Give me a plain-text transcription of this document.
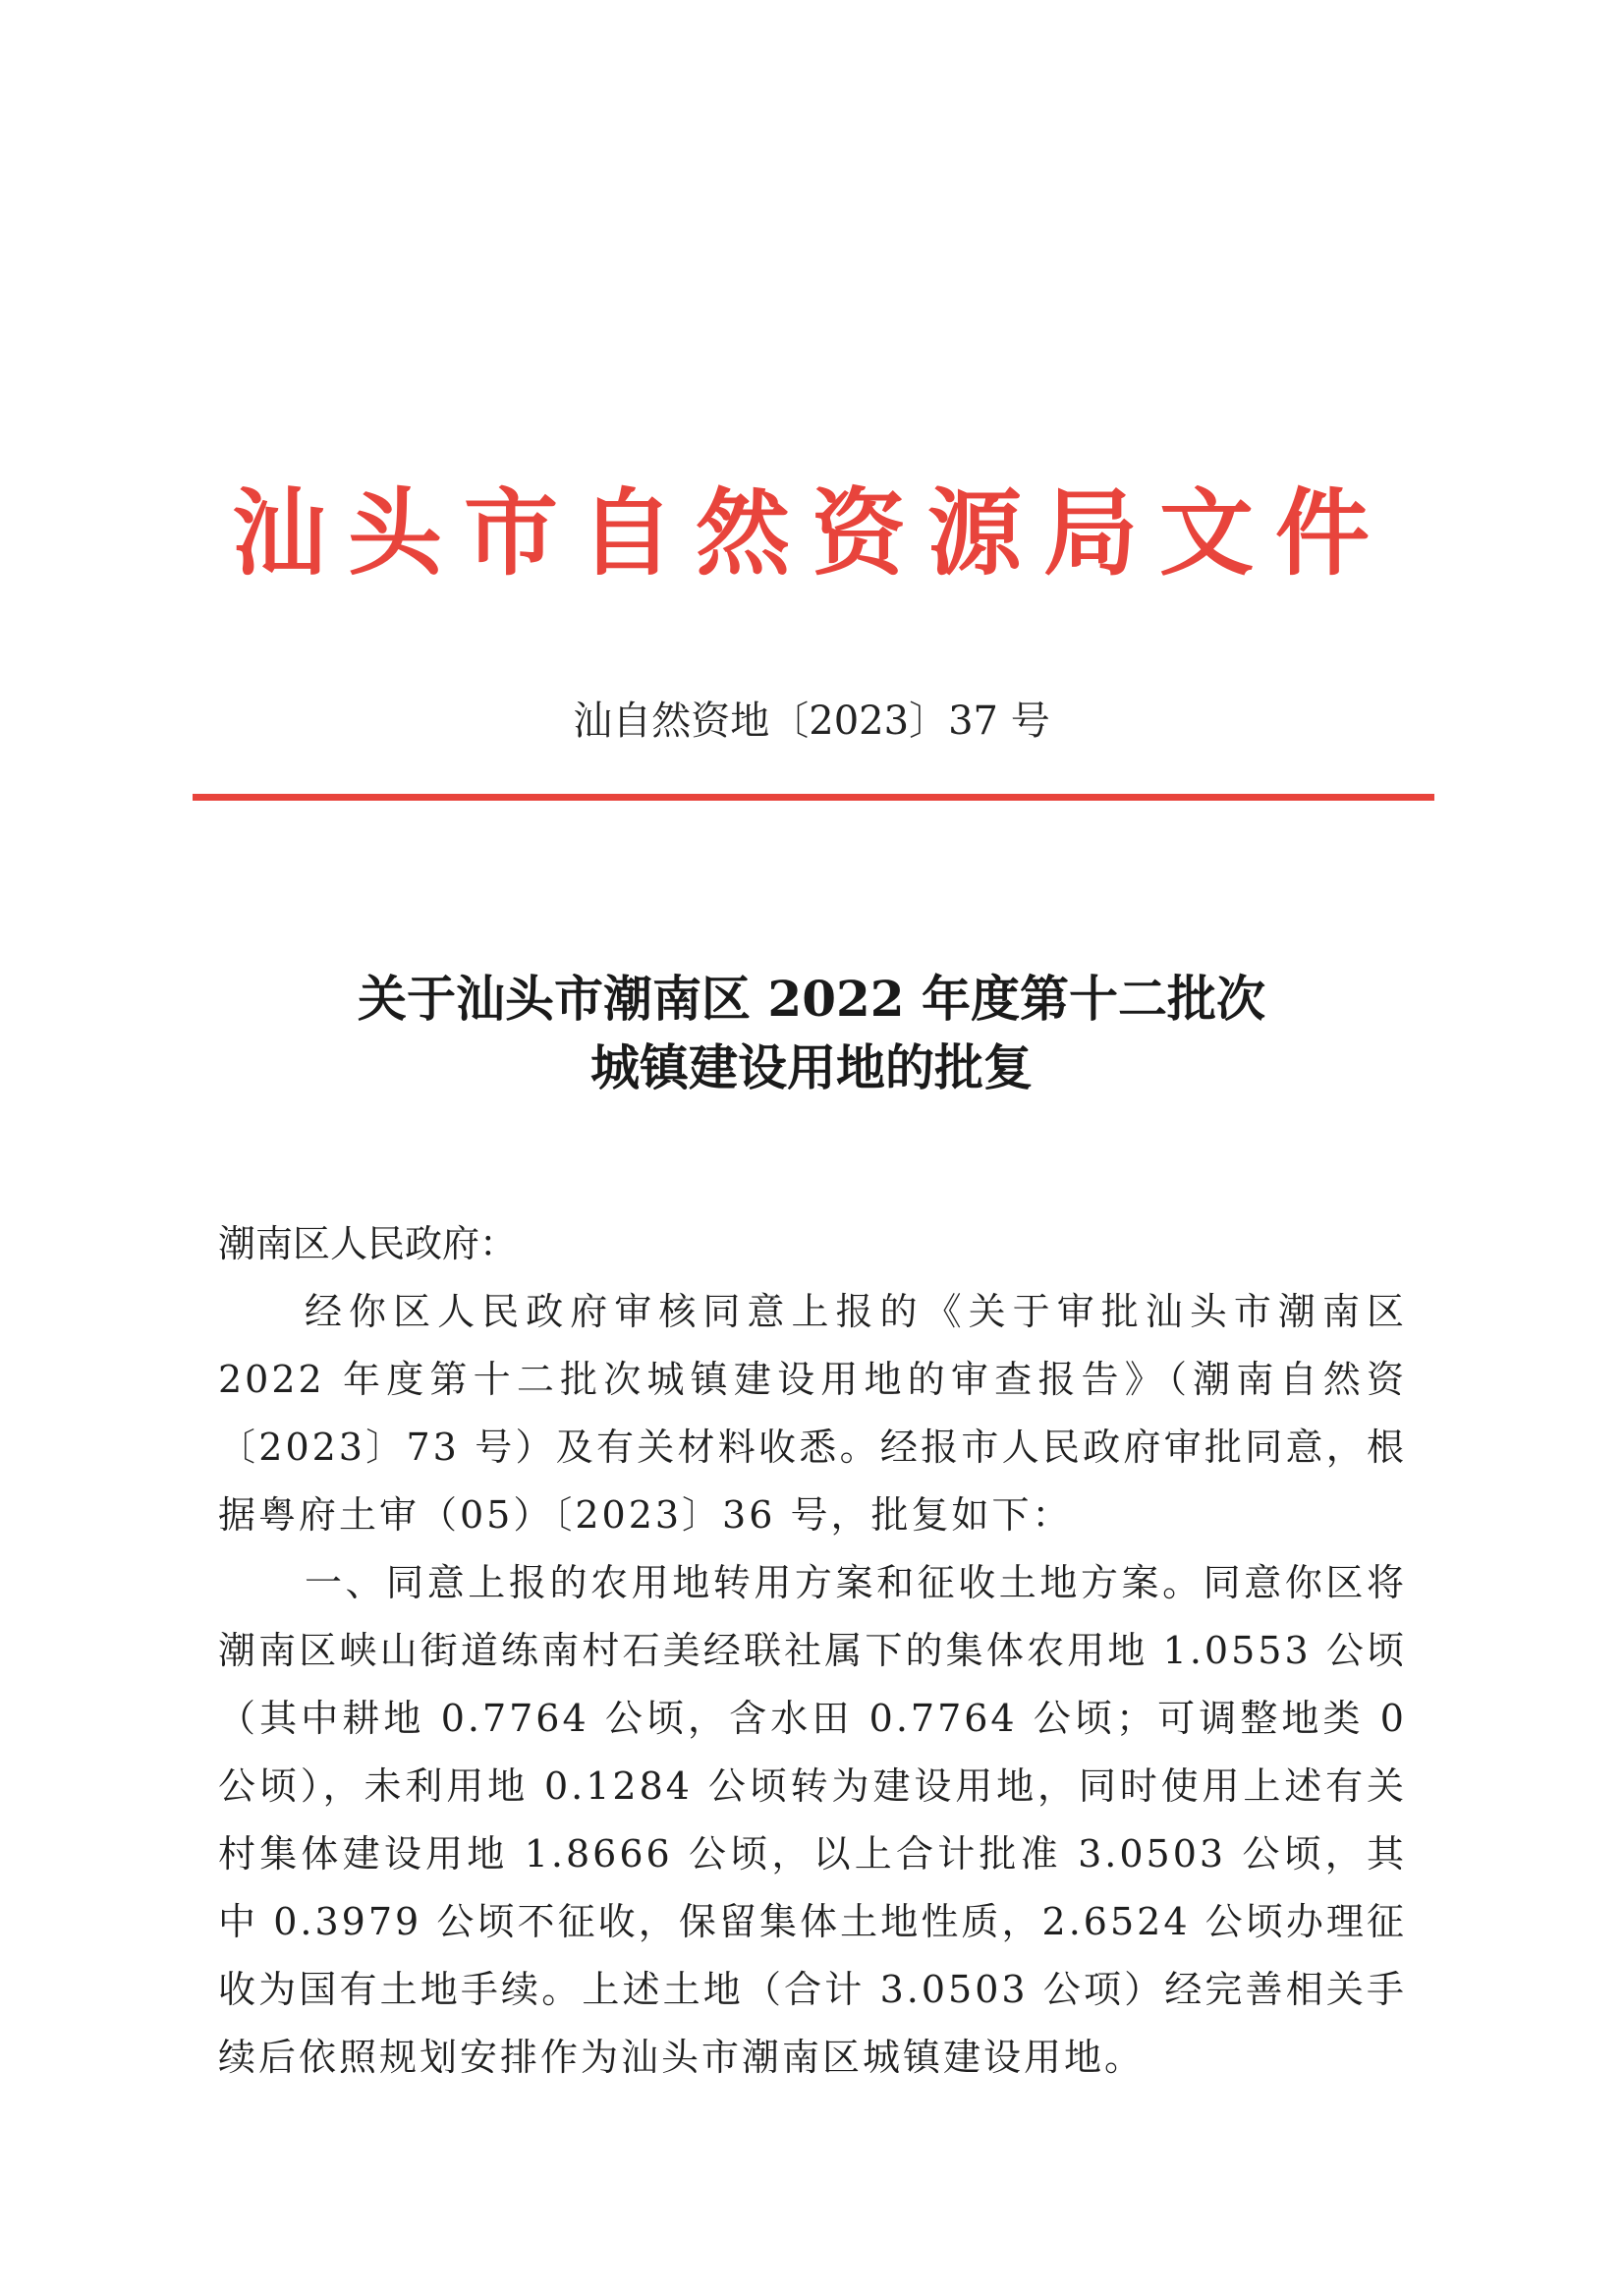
汕头市自然资源局文件
汕自然资地〔2023〕37 号
关于汕头市潮南区 2022 年度第十二批次
城镇建设用地的批复
潮南区人民政府：
经你区人民政府审核同意上报的《关于审批汕头市潮南区 2022 年度第十二批次城镇建设用地的审查报告》（潮南自然资〔2023〕73 号）及有关材料收悉。经报市人民政府审批同意，根据粤府土审（05）〔2023〕36 号，批复如下：
一、同意上报的农用地转用方案和征收土地方案。同意你区将潮南区峡山街道练南村石美经联社属下的集体农用地 1.0553 公顷（其中耕地 0.7764 公顷，含水田 0.7764 公顷；可调整地类 0 公顷），未利用地 0.1284 公顷转为建设用地，同时使用上述有关村集体建设用地 1.8666 公顷，以上合计批准 3.0503 公顷，其中 0.3979 公顷不征收，保留集体土地性质，2.6524 公顷办理征收为国有土地手续。上述土地（合计 3.0503 公项）经完善相关手续后依照规划安排作为汕头市潮南区城镇建设用地。
